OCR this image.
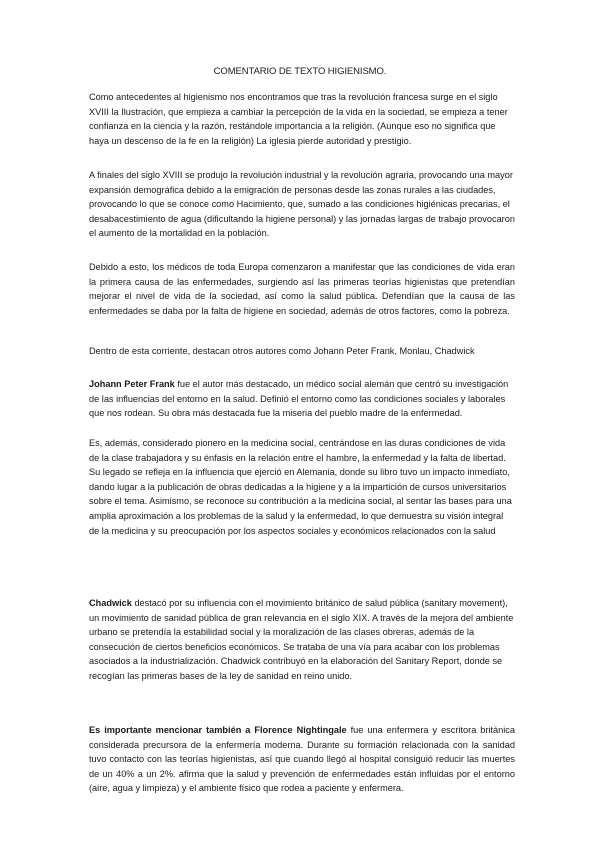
COMENTARIO DE TEXTO HIGIENISMO.

Como antecedentes al higienismo nos encontramos que tras la revolución francesa surge en el siglo XVIII la Ilustración, que empieza a cambiar la percepción de la vida en la sociedad, se empieza a tener confianza en la ciencia y la razón, restándole importancia a la religión. (Aunque eso no significa que haya un descenso de la fe en la religión) La iglesia pierde autoridad y prestigio.

A finales del siglo XVIII se produjo la revolución industrial y la revolución agraria, provocando una mayor expansión demográfica debido a la emigración de personas desde las zonas rurales a las ciudades, provocando lo que se conoce como Hacimiento, que, sumado a las condiciones higiénicas precarias, el desabacestimiento de agua (dificultando la higiene personal) y las jornadas largas de trabajo provocaron el aumento de la mortalidad en la población.

Debido a esto, los médicos de toda Europa comenzaron a manifestar que las condiciones de vida eran la primera causa de las enfermedades, surgiendo así las primeras teorías higienistas que pretendían mejorar el nivel de vida de la sociedad, así como la salud pública. Defendían que la causa de las enfermedades se daba por la falta de higiene en sociedad, además de otros factores, como la pobreza.

Dentro de esta corriente, destacan otros autores como Johann Peter Frank, Monlau, Chadwick

Johann Peter Frank fue el autor más destacado, un médico social alemán que centró su investigación de las influencias del entorno en la salud. Definió el entorno como las condiciones sociales y laborales que nos rodean. Su obra más destacada fue la miseria del pueblo madre de la enfermedad.

Es, además, considerado pionero en la medicina social, centrándose en las duras condiciones de vida de la clase trabajadora y su énfasis en la relación entre el hambre, la enfermedad y la falta de libertad. Su legado se refleja en la influencia que ejerció en Alemania, donde su libro tuvo un impacto inmediato, dando lugar a la publicación de obras dedicadas a la higiene y a la impartición de cursos universitarios sobre el tema. Asimismo, se reconoce su contribución a la medicina social, al sentar las bases para una amplia aproximación a los problemas de la salud y la enfermedad, lo que demuestra su visión integral de la medicina y su preocupación por los aspectos sociales y económicos relacionados con la salud

Chadwick destacó por su influencia con el movimiento británico de salud pública (sanitary movement), un movimiento de sanidad pública de gran relevancia en el siglo XIX. A través de la mejora del ambiente urbano se pretendía la estabilidad social y la moralización de las clases obreras, además de la consecución de ciertos beneficios económicos. Se trataba de una vía para acabar con los problemas asociados a la industrialización. Chadwick contribuyó en la elaboración del Sanitary Report, donde se recogían las primeras bases de la ley de sanidad en reino unido.

Es importante mencionar también a Florence Nightingale fue una enfermera y escritora británica considerada precursora de la enfermería moderna. Durante su formación relacionada con la sanidad tuvo contacto con las teorías higienistas, así que cuando llegó al hospital consiguió reducir las muertes de un 40% a un 2%. afirma que la salud y prevención de enfermedades están influidas por el entorno (aire, agua y limpieza) y el ambiente físico que rodea a paciente y enfermera.
